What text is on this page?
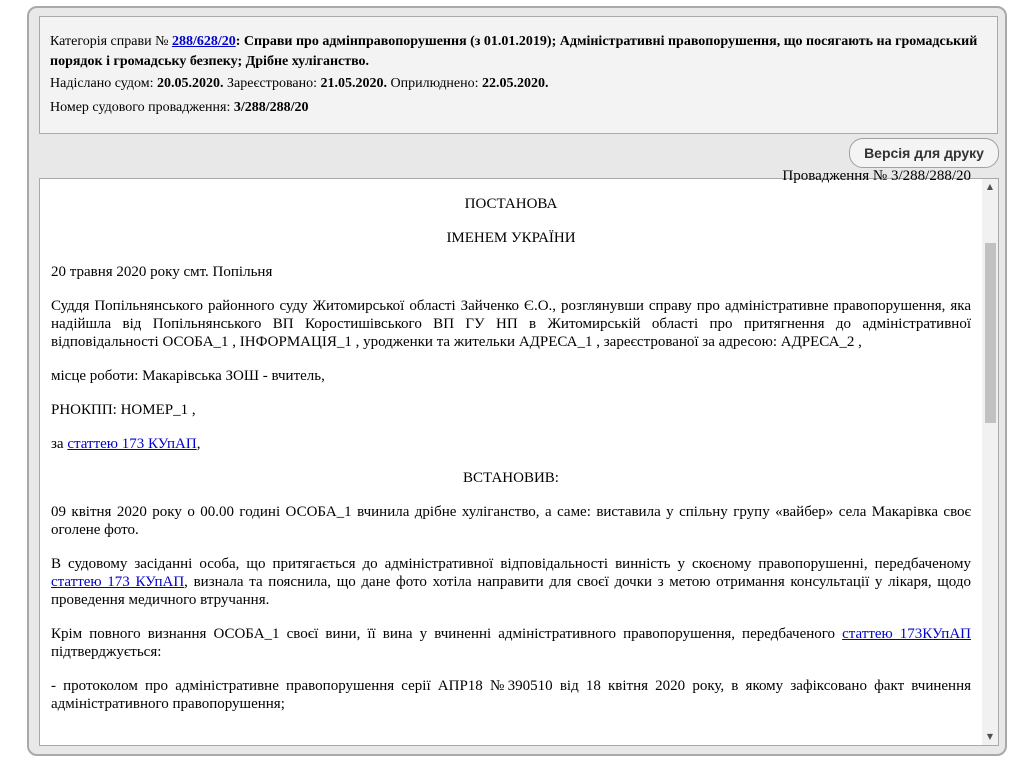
Категорія справи № 288/628/20: Справи про адмінправопорушення (з 01.01.2019); Адміністративні правопорушення, що посягають на громадський порядок і громадську безпеку; Дрібне хуліганство.

Надіслано судом: 20.05.2020. Зареєстровано: 21.05.2020. Оприлюднено: 22.05.2020.

Номер судового провадження: 3/288/288/20

Версія для друку

Провадження № 3/288/288/20

ПОСТАНОВА

ІМЕНЕМ УКРАЇНИ

20 травня 2020 року смт. Попільня

Суддя Попільнянського районного суду Житомирської області Зайченко Є.О., розглянувши справу про адміністративне правопорушення, яка надійшла від Попільнянського ВП Коростишівського ВП ГУ НП в Житомирській області про притягнення до адміністративної відповідальності ОСОБА_1 , ІНФОРМАЦІЯ_1 , уродженки та жительки АДРЕСА_1 , зареєстрованої за адресою: АДРЕСА_2 ,

місце роботи: Макарівська ЗОШ - вчитель,

РНОКПП: НОМЕР_1 ,

за статтею 173 КУпАП,

ВСТАНОВИВ:

09 квітня 2020 року о 00.00 годині ОСОБА_1 вчинила дрібне хуліганство, а саме: виставила у спільну групу «вайбер» села Макарівка своє оголене фото.

В судовому засіданні особа, що притягається до адміністративної відповідальності винність у скоєному правопорушенні, передбаченому статтею 173 КУпАП, визнала та пояснила, що дане фото хотіла направити для своєї дочки з метою отримання консультації у лікаря, щодо проведення медичного втручання.

Крім повного визнання ОСОБА_1 своєї вини, її вина у вчиненні адміністративного правопорушення, передбаченого статтею 173КУпАП підтверджується:

- протоколом про адміністративне правопорушення серії АПР18 №390510 від 18 квітня 2020 року, в якому зафіксовано факт вчинення адміністративного правопорушення;

▲
▼
